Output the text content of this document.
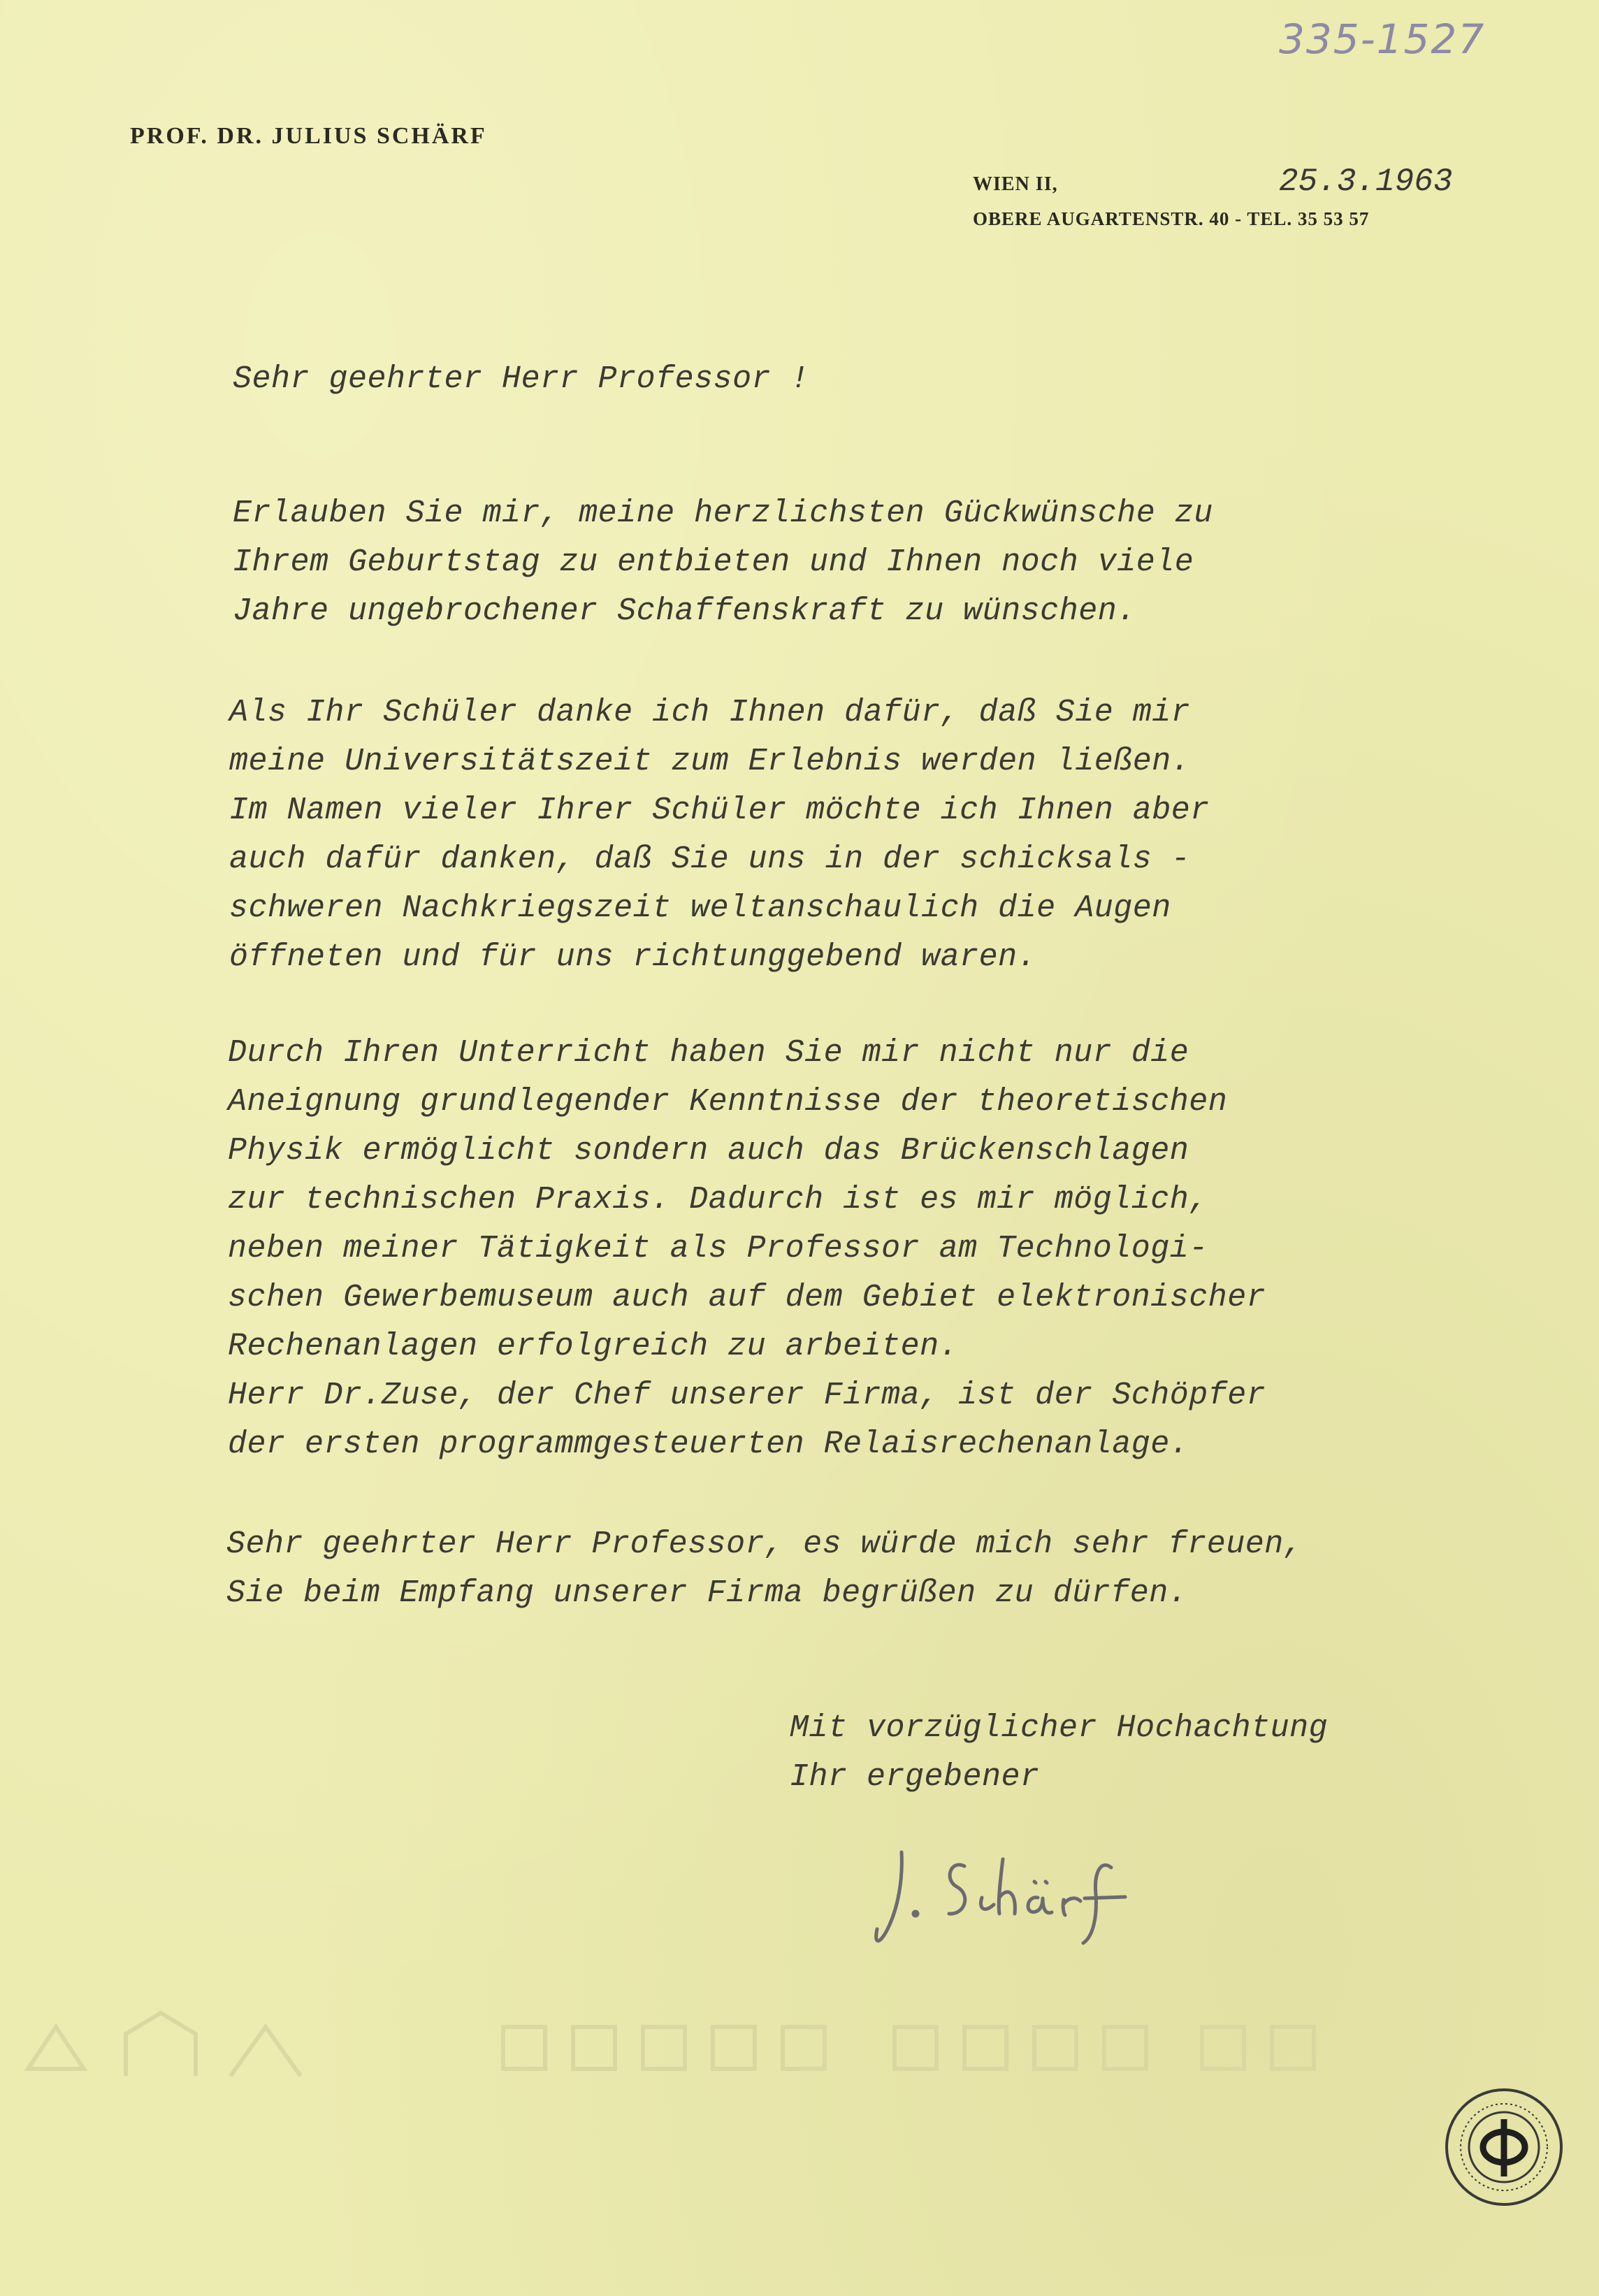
335-1527
PROF. DR. JULIUS SCHÄRF
WIEN II,
OBERE AUGARTENSTR. 40 - TEL. 35 53 57
25.3.1963
Sehr geehrter Herr Professor !
Erlauben Sie mir, meine herzlichsten Gückwünsche zu
Ihrem Geburtstag zu entbieten und Ihnen noch viele
Jahre ungebrochener Schaffenskraft zu wünschen.
Als Ihr Schüler danke ich Ihnen dafür, daß Sie mir
meine Universitätszeit zum Erlebnis werden ließen.
Im Namen vieler Ihrer Schüler möchte ich Ihnen aber
auch dafür danken, daß Sie uns in der schicksals -
schweren Nachkriegszeit weltanschaulich die Augen
öffneten und für uns richtunggebend waren.
Durch Ihren Unterricht haben Sie mir nicht nur die
Aneignung grundlegender Kenntnisse der theoretischen
Physik ermöglicht sondern auch das Brückenschlagen
zur technischen Praxis. Dadurch ist es mir möglich,
neben meiner Tätigkeit als Professor am Technologi-
schen Gewerbemuseum auch auf dem Gebiet elektronischer
Rechenanlagen erfolgreich zu arbeiten.
Herr Dr.Zuse, der Chef unserer Firma, ist der Schöpfer
der ersten programmgesteuerten Relaisrechenanlage.
Sehr geehrter Herr Professor, es würde mich sehr freuen,
Sie beim Empfang unserer Firma begrüßen zu dürfen.
Mit vorzüglicher Hochachtung
Ihr ergebener
